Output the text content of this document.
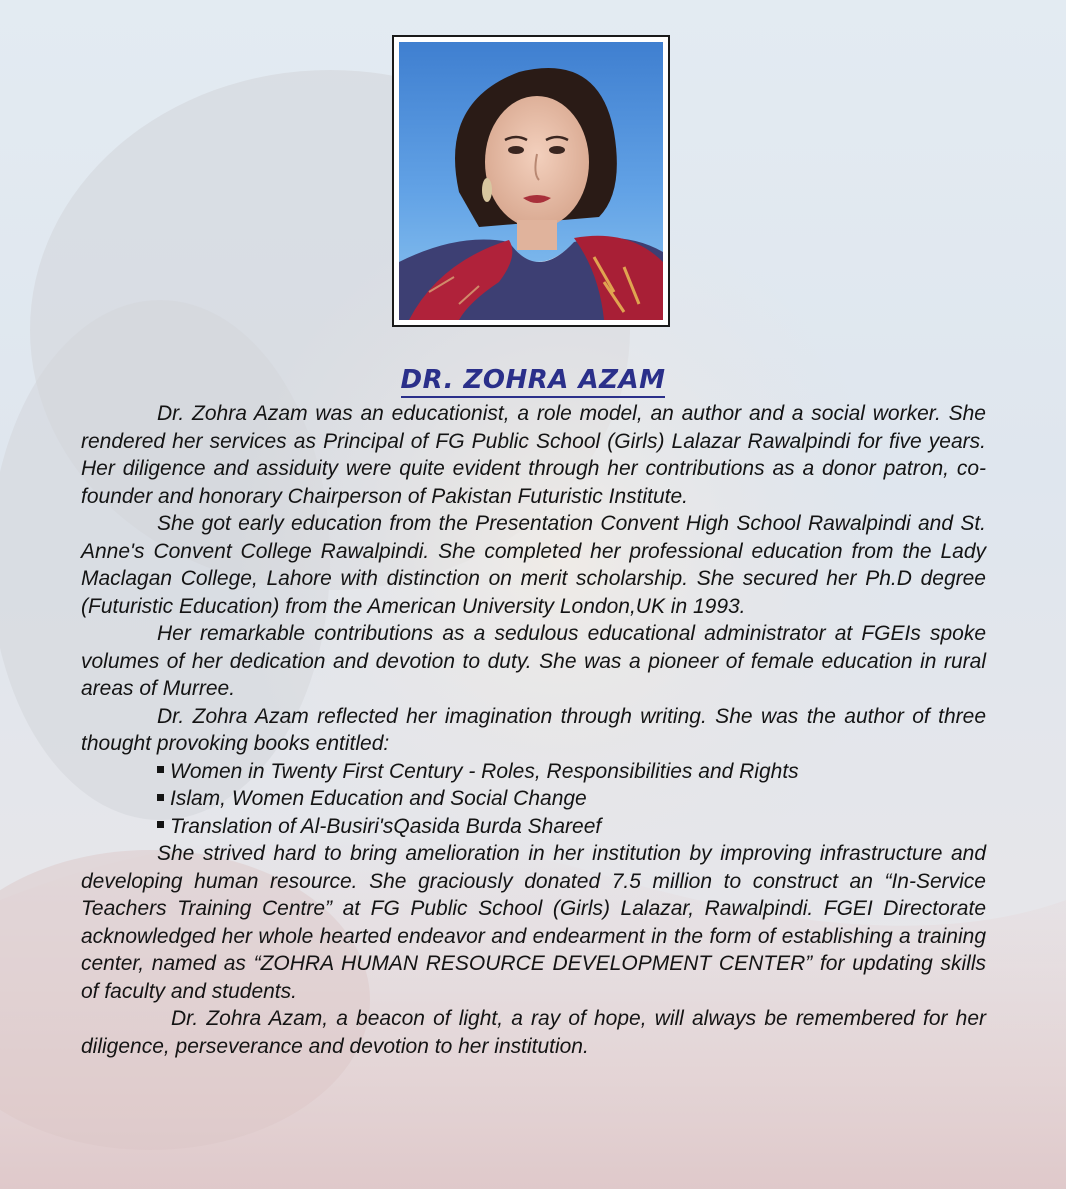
DR. ZOHRA AZAM

Dr. Zohra Azam was an educationist, a role model, an author and a social worker. She rendered her services as Principal of FG Public School (Girls) Lalazar Rawalpindi for five years. Her diligence and assiduity were quite evident through her contributions as a donor patron, co-founder and honorary Chairperson of Pakistan Futuristic Institute.

She got early education from the Presentation Convent High School Rawalpindi and St. Anne's Convent College Rawalpindi. She completed her professional education from the Lady Maclagan College, Lahore with distinction on merit scholarship. She secured her Ph.D degree (Futuristic Education) from the American University London,UK in 1993.

Her remarkable contributions as a sedulous educational administrator at FGEIs spoke volumes of her dedication and devotion to duty. She was a pioneer of female education in rural areas of Murree.

Dr. Zohra Azam reflected her imagination through writing. She was the author of three thought provoking books entitled:

Women in Twenty First Century - Roles, Responsibilities and Rights
Islam, Women Education and Social Change
Translation of Al-Busiri'sQasida Burda Shareef

She strived hard to bring amelioration in her institution by improving infrastructure and developing human resource. She graciously donated 7.5 million to construct an “In-Service Teachers Training Centre” at FG Public School (Girls) Lalazar, Rawalpindi. FGEI Directorate acknowledged her whole hearted endeavor and endearment in the form of establishing a training center, named as “ZOHRA HUMAN RESOURCE DEVELOPMENT CENTER” for updating skills of faculty and students.

Dr. Zohra Azam, a beacon of light, a ray of hope, will always be remembered for her diligence, perseverance and devotion to her institution.
